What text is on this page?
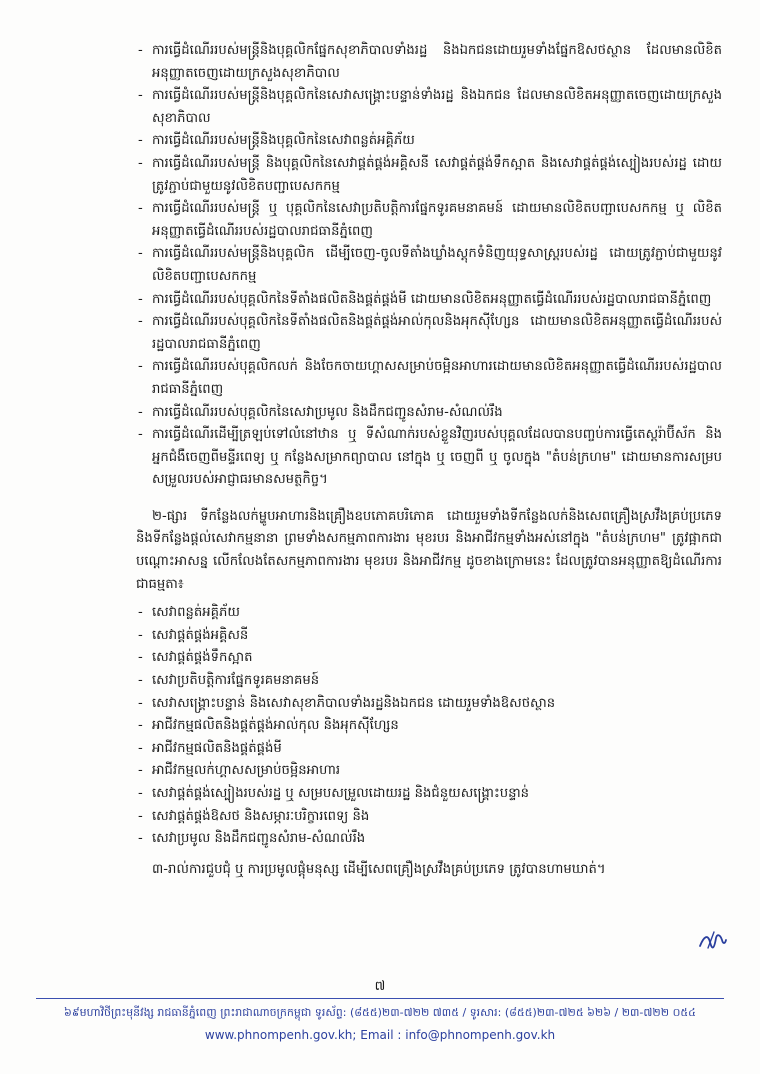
- ការធ្វើដំណើររបស់មន្ត្រីនិងបុគ្គលិកផ្នែកសុខាភិបាលទាំងរដ្ឋ និងឯកជនដោយរួមទាំងផ្នែកឱសថស្ថាន ដែលមានលិខិតអនុញ្ញាតចេញដោយក្រសួងសុខាភិបាល
- ការធ្វើដំណើររបស់មន្ត្រីនិងបុគ្គលិកនៃសេវាសង្គ្រោះបន្ទាន់ទាំងរដ្ឋ និងឯកជន ដែលមានលិខិតអនុញ្ញាតចេញដោយក្រសួងសុខាភិបាល
- ការធ្វើដំណើររបស់មន្ត្រីនិងបុគ្គលិកនៃសេវាពន្លត់អគ្គិភ័យ
- ការធ្វើដំណើររបស់មន្ត្រី និងបុគ្គលិកនៃសេវាផ្គត់ផ្គង់អគ្គិសនី សេវាផ្គត់ផ្គង់ទឹកស្អាត និងសេវាផ្គត់ផ្គង់ស្បៀងរបស់រដ្ឋ ដោយត្រូវភ្ជាប់ជាមួយនូវលិខិតបញ្ជាបេសកកម្ម
- ការធ្វើដំណើររបស់មន្ត្រី ឬ បុគ្គលិកនៃសេវាប្រតិបត្តិការផ្នែកទូរគមនាគមន៍ ដោយមានលិខិតបញ្ជាបេសកកម្ម ឬ លិខិតអនុញ្ញាតធ្វើដំណើររបស់រដ្ឋបាលរាជធានីភ្នំពេញ
- ការធ្វើដំណើររបស់មន្ត្រីនិងបុគ្គលិក ដើម្បីចេញ-ចូលទីតាំងឃ្លាំងស្តុកទំនិញយុទ្ធសាស្ត្ររបស់រដ្ឋ ដោយត្រូវភ្ជាប់ជាមួយនូវលិខិតបញ្ជាបេសកកម្ម
- ការធ្វើដំណើររបស់បុគ្គលិកនៃទីតាំងផលិតនិងផ្គត់ផ្គង់មី ដោយមានលិខិតអនុញ្ញាតធ្វើដំណើររបស់រដ្ឋបាលរាជធានីភ្នំពេញ
- ការធ្វើដំណើររបស់បុគ្គលិកនៃទីតាំងផលិតនិងផ្គត់ផ្គង់អាល់កុលនិងអុកស៊ីហ្សែន ដោយមានលិខិតអនុញ្ញាតធ្វើដំណើររបស់រដ្ឋបាលរាជធានីភ្នំពេញ
- ការធ្វើដំណើររបស់បុគ្គលិកលក់ និងចែកចាយហ្គាសសម្រាប់ចម្អិនអាហារដោយមានលិខិតអនុញ្ញាតធ្វើដំណើររបស់រដ្ឋបាលរាជធានីភ្នំពេញ
- ការធ្វើដំណើររបស់បុគ្គលិកនៃសេវាប្រមូល និងដឹកជញ្ជូនសំរាម-សំណល់រឹង
- ការធ្វើដំណើរដើម្បីត្រឡប់ទៅលំនៅឋាន ឬ ទីសំណាក់របស់ខ្លួនវិញរបស់បុគ្គលដែលបានបញ្ចប់ការធ្វើតេស្តរ៉ាប៊ីស័ក និងអ្នកជំងឺចេញពីមន្ទីរពេទ្យ ឬ កន្លែងសម្រាកព្យាបាល នៅក្នុង ឬ ចេញពី ឬ ចូលក្នុង "តំបន់ក្រហម" ដោយមានការសម្របសម្រួលរបស់អាជ្ញាធរមានសមត្ថកិច្ច។

២-ផ្សារ ទីកន្លែងលក់ម្ហូបអាហារនិងគ្រឿងឧបភោគបរិភោគ ដោយរួមទាំងទីកន្លែងលក់និងសេពគ្រឿងស្រវឹងគ្រប់ប្រភេទ និងទីកន្លែងផ្តល់សេវាកម្មនានា ព្រមទាំងសកម្មភាពការងារ មុខរបរ និងអាជីវកម្មទាំងអស់នៅក្នុង "តំបន់ក្រហម" ត្រូវផ្អាកជាបណ្តោះអាសន្ន លើកលែងតែសកម្មភាពការងារ មុខរបរ និងអាជីវកម្ម ដូចខាងក្រោមនេះ ដែលត្រូវបានអនុញ្ញាតឱ្យដំណើរការជាធម្មតា៖

- សេវាពន្លត់អគ្គិភ័យ
- សេវាផ្គត់ផ្គង់អគ្គិសនី
- សេវាផ្គត់ផ្គង់ទឹកស្អាត
- សេវាប្រតិបត្តិការផ្នែកទូរគមនាគមន៍
- សេវាសង្គ្រោះបន្ទាន់ និងសេវាសុខាភិបាលទាំងរដ្ឋនិងឯកជន ដោយរួមទាំងឱសថស្ថាន
- អាជីវកម្មផលិតនិងផ្គត់ផ្គង់អាល់កុល និងអុកស៊ីហ្សែន
- អាជីវកម្មផលិតនិងផ្គត់ផ្គង់មី
- អាជីវកម្មលក់ហ្គាសសម្រាប់ចម្អិនអាហារ
- សេវាផ្គត់ផ្គង់ស្បៀងរបស់រដ្ឋ ឬ សម្របសម្រួលដោយរដ្ឋ និងជំនួយសង្គ្រោះបន្ទាន់
- សេវាផ្គត់ផ្គង់ឱសថ និងសម្ភារៈបរិក្ខារពេទ្យ និង
- សេវាប្រមូល និងដឹកជញ្ជូនសំរាម-សំណល់រឹង

៣-រាល់ការជួបជុំ ឬ ការប្រមូលផ្តុំមនុស្ស ដើម្បីសេពគ្រឿងស្រវឹងគ្រប់ប្រភេទ ត្រូវបានហាមឃាត់។

៧
៦៩មហាវិថីព្រះមុនីវង្ស រាជធានីភ្នំពេញ ព្រះរាជាណាចក្រកម្ពុជា ទូរស័ព្ទ: (៨៥៥)២៣-៧២២ ៧៣៥ / ទូរសារ: (៨៥៥)២៣-៧២៥ ៦២៦ / ២៣-៧២២ ០៥៤
www.phnompenh.gov.kh; Email : info@phnompenh.gov.kh
